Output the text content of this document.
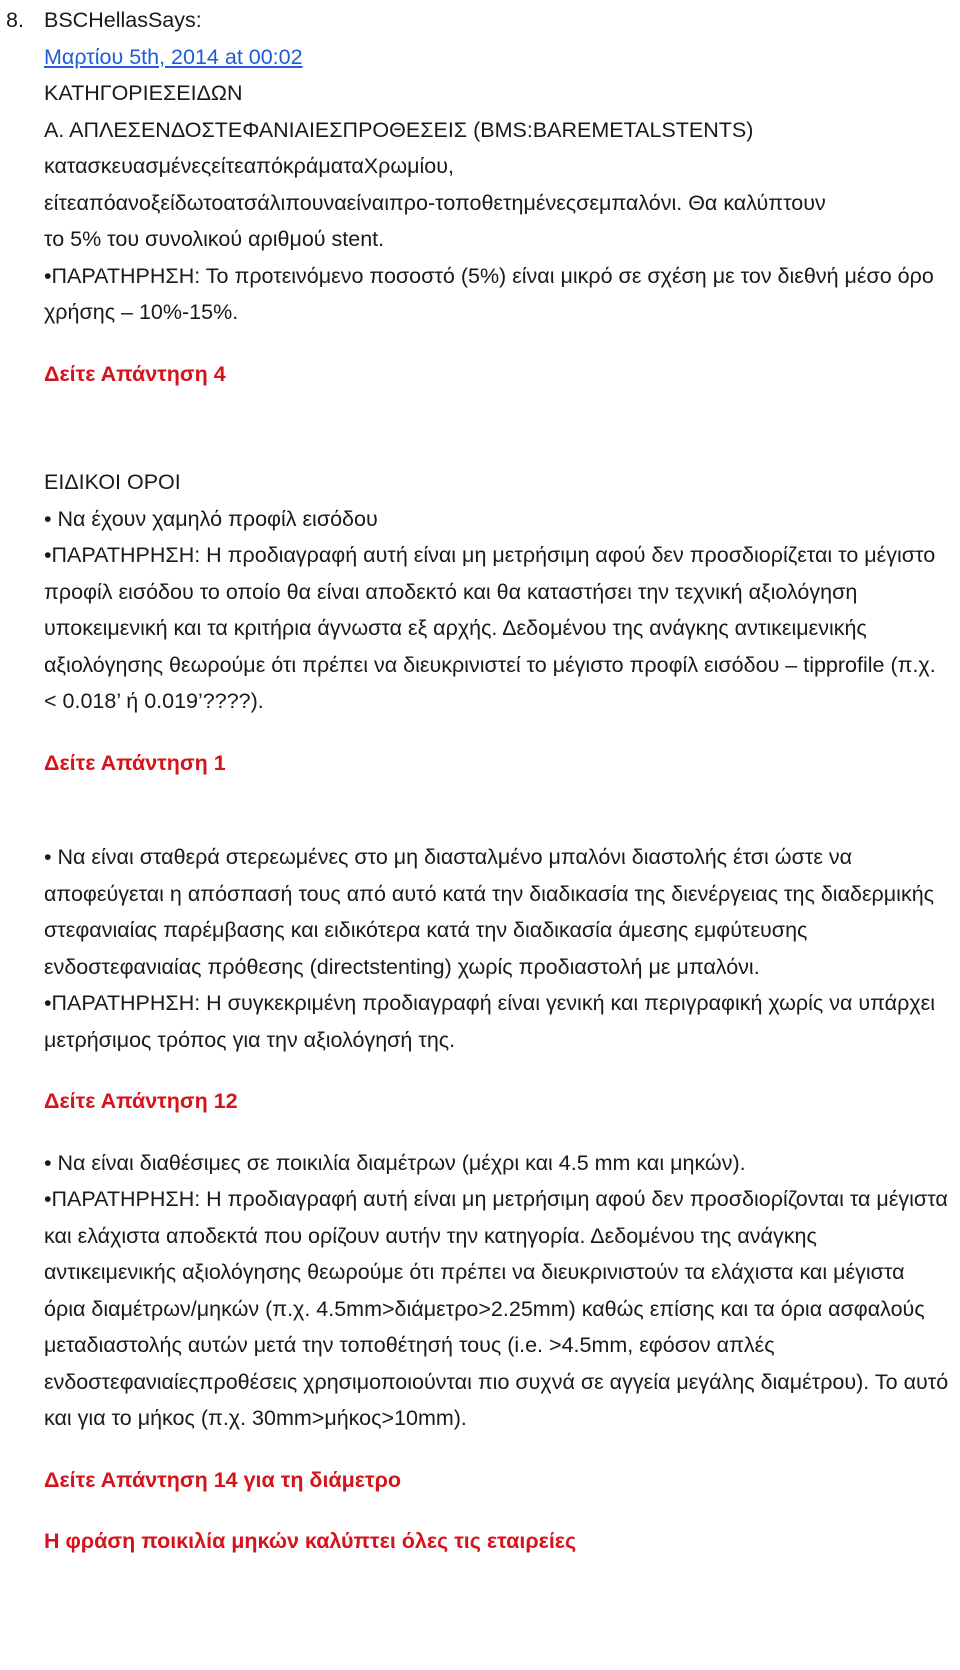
8. BSCHellasSays:
Μαρτίου 5th, 2014 at 00:02
ΚΑΤΗΓΟΡΙΕΣΕΙΔΩΝ
Α. ΑΠΛΕΣΕΝΔΟΣΤΕΦΑΝΙΑΙΕΣΠΡΟΘΕΣΕΙΣ (BMS:BAREMETALSTENTS)
κατασκευασμένεςείτεαπόκράματαΧρωμίου,
είτεαπόανοξείδωτοατσάλιπουναείναιπρο-τοποθετημένεςσεμπαλόνι. Θα καλύπτουν
το 5% του συνολικού αριθμού stent.
•ΠΑΡΑΤΗΡΗΣΗ: Το προτεινόμενο ποσοστό (5%) είναι μικρό σε σχέση με τον διεθνή μέσο όρο χρήσης – 10%-15%.
Δείτε Απάντηση 4
ΕΙΔΙΚΟΙ ΟΡΟΙ
• Να έχουν χαμηλό προφίλ εισόδου
•ΠΑΡΑΤΗΡΗΣΗ: Η προδιαγραφή αυτή είναι μη μετρήσιμη αφού δεν προσδιορίζεται το μέγιστο προφίλ εισόδου το οποίο θα είναι αποδεκτό και θα καταστήσει την τεχνική αξιολόγηση υποκειμενική και τα κριτήρια άγνωστα εξ αρχής. Δεδομένου της ανάγκης αντικειμενικής αξιολόγησης θεωρούμε ότι πρέπει να διευκρινιστεί το μέγιστο προφίλ εισόδου – tipprofile (π.χ. < 0.018’ ή 0.019’????).
Δείτε Απάντηση 1
• Να είναι σταθερά στερεωμένες στο μη διασταλμένο μπαλόνι διαστολής έτσι ώστε να αποφεύγεται η απόσπασή τους από αυτό κατά την διαδικασία της διενέργειας της διαδερμικής στεφανιαίας παρέμβασης και ειδικότερα κατά την διαδικασία άμεσης εμφύτευσης ενδοστεφανιαίας πρόθεσης (directstenting) χωρίς προδιαστολή με μπαλόνι.
•ΠΑΡΑΤΗΡΗΣΗ: Η συγκεκριμένη προδιαγραφή είναι γενική και περιγραφική χωρίς να υπάρχει μετρήσιμος τρόπος για την αξιολόγησή της.
Δείτε Απάντηση 12
• Να είναι διαθέσιμες σε ποικιλία διαμέτρων (μέχρι και 4.5 mm και μηκών).
•ΠΑΡΑΤΗΡΗΣΗ: Η προδιαγραφή αυτή είναι μη μετρήσιμη αφού δεν προσδιορίζονται τα μέγιστα και ελάχιστα αποδεκτά που ορίζουν αυτήν την κατηγορία. Δεδομένου της ανάγκης αντικειμενικής αξιολόγησης θεωρούμε ότι πρέπει να διευκρινιστούν τα ελάχιστα και μέγιστα όρια διαμέτρων/μηκών (π.χ. 4.5mm>διάμετρο>2.25mm) καθώς επίσης και τα όρια ασφαλούς μεταδιαστολής αυτών μετά την τοποθέτησή τους (i.e. >4.5mm, εφόσον απλές ενδοστεφανιαίεςπροθέσεις χρησιμοποιούνται πιο συχνά σε αγγεία μεγάλης διαμέτρου). Το αυτό και για το μήκος (π.χ. 30mm>μήκος>10mm).
Δείτε Απάντηση 14 για τη διάμετρο
Η φράση ποικιλία μηκών καλύπτει όλες τις εταιρείες
